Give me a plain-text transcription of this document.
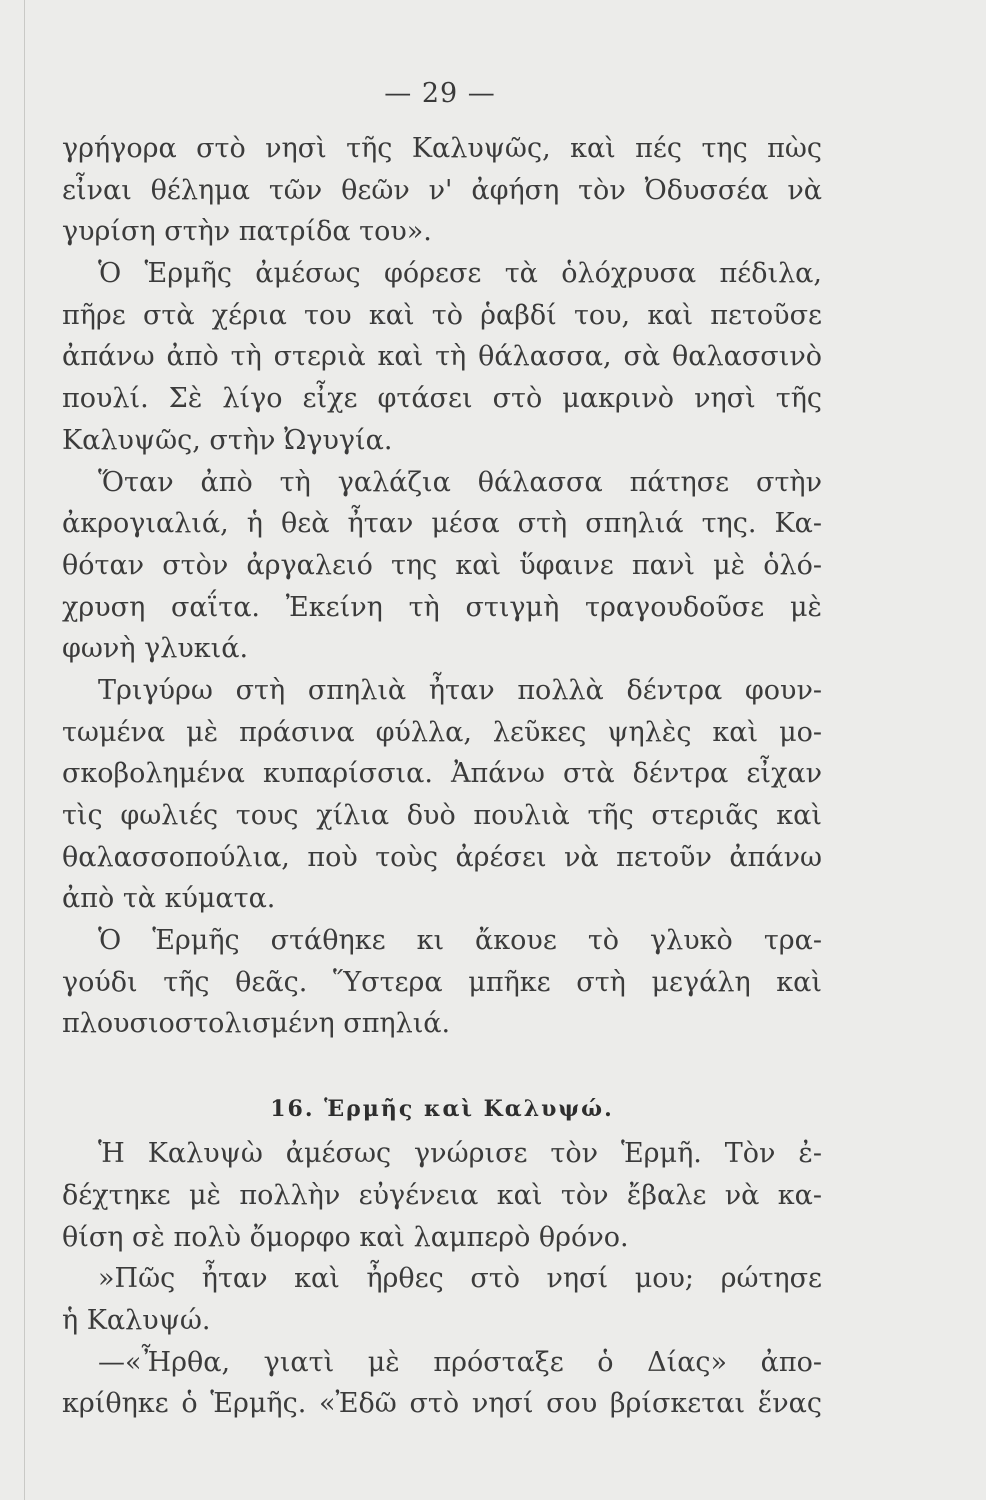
— 29 —
γρήγορα στὸ νησὶ τῆς Καλυψῶς, καὶ πές της πὼς
εἶναι θέλημα τῶν θεῶν ν' ἀφήση τὸν Ὀδυσσέα νὰ
γυρίση στὴν πατρίδα του».
Ὁ Ἑρμῆς ἀμέσως φόρεσε τὰ ὁλόχρυσα πέδιλα,
πῆρε στὰ χέρια του καὶ τὸ ῥαβδί του, καὶ πετοῦσε
ἀπάνω ἀπὸ τὴ στεριὰ καὶ τὴ θάλασσα, σὰ θαλασσινὸ
πουλί. Σὲ λίγο εἶχε φτάσει στὸ μακρινὸ νησὶ τῆς
Καλυψῶς, στὴν Ὠγυγία.
Ὅταν ἀπὸ τὴ γαλάζια θάλασσα πάτησε στὴν
ἀκρογιαλιά, ἡ θεὰ ἦταν μέσα στὴ σπηλιά της. Κα-
θόταν στὸν ἀργαλειό της καὶ ὕφαινε πανὶ μὲ ὁλό-
χρυση σαΐτα. Ἐκείνη τὴ στιγμὴ τραγουδοῦσε μὲ
φωνὴ γλυκιά.
Τριγύρω στὴ σπηλιὰ ἦταν πολλὰ δέντρα φουν-
τωμένα μὲ πράσινα φύλλα, λεῦκες ψηλὲς καὶ μο-
σκοβολημένα κυπαρίσσια. Ἀπάνω στὰ δέντρα εἶχαν
τὶς φωλιές τους χίλια δυὸ πουλιὰ τῆς στεριᾶς καὶ
θαλασσοπούλια, ποὺ τοὺς ἀρέσει νὰ πετοῦν ἀπάνω
ἀπὸ τὰ κύματα.
Ὁ Ἑρμῆς στάθηκε κι ἄκουε τὸ γλυκὸ τρα-
γούδι τῆς θεᾶς. Ὕστερα μπῆκε στὴ μεγάλη καὶ
πλουσιοστολισμένη σπηλιά.
16. Ἑρμῆς καὶ Καλυψώ.
Ἡ Καλυψὼ ἀμέσως γνώρισε τὸν Ἑρμῆ. Τὸν ἐ-
δέχτηκε μὲ πολλὴν εὐγένεια καὶ τὸν ἔβαλε νὰ κα-
θίση σὲ πολὺ ὄμορφο καὶ λαμπερὸ θρόνο.
»Πῶς ἦταν καὶ ἦρθες στὸ νησί μου; ρώτησε
ἡ Καλυψώ.
—«Ἦρθα, γιατὶ μὲ πρόσταξε ὁ Δίας» ἀπο-
κρίθηκε ὁ Ἑρμῆς. «Ἐδῶ στὸ νησί σου βρίσκεται ἕνας
